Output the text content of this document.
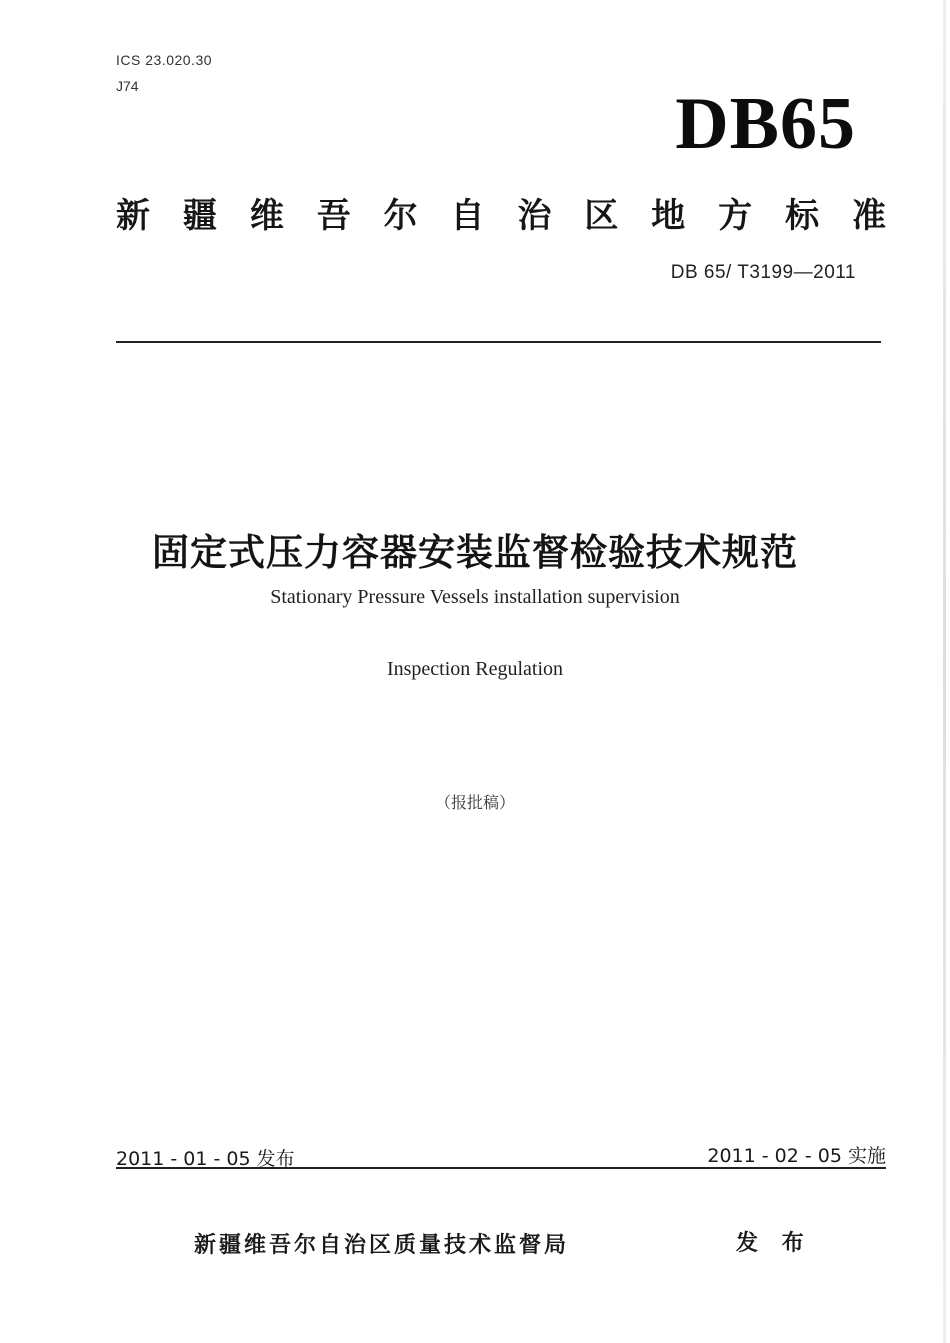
ICS 23.020.30
J74	DB65
新 疆 维 吾 尔 自 治 区 地 方 标 准
DB 65/ T3199—2011
固定式压力容器安装监督检验技术规范
Stationary Pressure Vessels installation supervision
Inspection Regulation
（报批稿）
2011 - 01 - 05 发布	2011 - 02 - 05 实施
新疆维吾尔自治区质量技术监督局	发 布
